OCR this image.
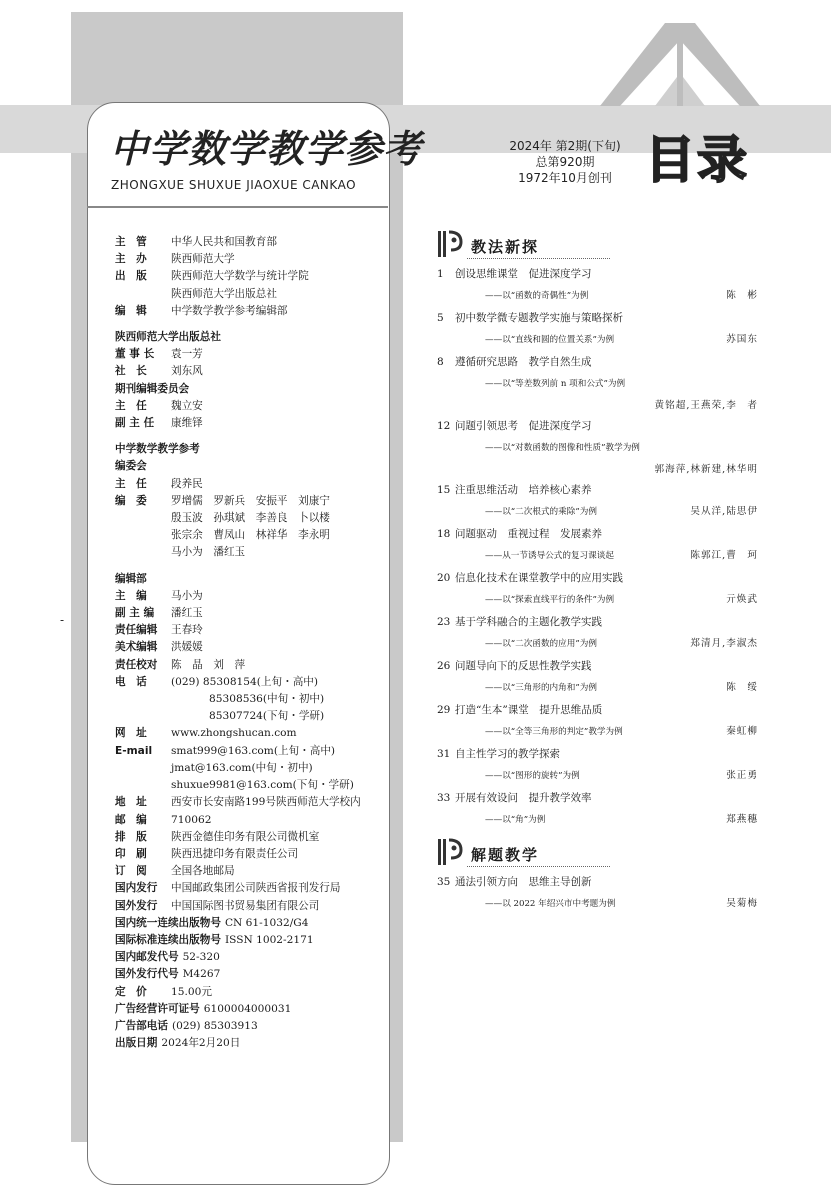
中学数学教学参考
ZHONGXUE SHUXUE JIAOXUE CANKAO
2024年 第2期(下旬)
总第920期
1972年10月创刊 目录
主　管	中华人民共和国教育部
主　办	陕西师范大学
出　版	陕西师范大学数学与统计学院
陕西师范大学出版总社
编　辑	中学数学教学参考编辑部
陕西师范大学出版总社
董 事 长	袁一芳
社　长	刘东风
期刊编辑委员会
主　任	魏立安
副 主 任	康维铎
中学数学教学参考
编委会
主　任	段养民
编　委	罗增儒　罗新兵　安振平　刘康宁
殷玉波　孙琪斌　李善良　卜以楼
张宗余　曹凤山　林祥华　李永明
马小为　潘红玉
编辑部
主　编	马小为
副 主 编	潘红玉
责任编辑	王春玲
美术编辑	洪媛媛
责任校对	陈　晶　刘　萍
电　话	(029) 85308154(上旬・高中)
85308536(中旬・初中)
85307724(下旬・学研)
网　址	www.zhongshucan.com
E-mail	smat999@163.com(上旬・高中)
jmat@163.com(中旬・初中)
shuxue9981@163.com(下旬・学研)
地　址	西安市长安南路199号陕西师范大学校内
邮　编	710062
排　版	陕西金德佳印务有限公司微机室
印　刷	陕西迅捷印务有限责任公司
订　阅	全国各地邮局
国内发行	中国邮政集团公司陕西省报刊发行局
国外发行	中国国际图书贸易集团有限公司
国内统一连续出版物号 CN 61-1032/G4
国际标准连续出版物号 ISSN 1002-2171
国内邮发代号 52-320
国外发行代号 M4267
定　价	15.00元
广告经营许可证号 6100004000031
广告部电话 (029) 85303913
出版日期 2024年2月20日
-
教法新探
1	创设思维课堂　促进深度学习
——以“函数的奇偶性”为例	陈　彬
5	初中数学微专题教学实施与策略探析
——以“直线和圆的位置关系”为例	苏国东
8	遵循研究思路　教学自然生成
——以“等差数列前 n 项和公式”为例
黄铭超,王燕荣,李　者
12 问题引领思考　促进深度学习
——以“对数函数的图像和性质”教学为例
郭海萍,林新建,林华明
15 注重思维活动　培养核心素养
——以“二次根式的乘除”为例	吴从洋,陆思伊
18 问题驱动　重视过程　发展素养
——从一节诱导公式的复习课谈起	陈郭江,曹　珂
20 信息化技术在课堂教学中的应用实践
——以“探索直线平行的条件”为例	亓焕武
23 基于学科融合的主题化教学实践
——以“二次函数的应用”为例	郑清月,李淑杰
26 问题导向下的反思性教学实践
——以“三角形的内角和”为例	陈　绥
29 打造“生本”课堂　提升思维品质
——以“全等三角形的判定”教学为例	秦虹柳
31 自主性学习的教学探索
——以“图形的旋转”为例	张正勇
33 开展有效设问　提升教学效率
——以“角”为例	郑燕穗
解题教学
35 通法引领方向　思维主导创新
——以 2022 年绍兴市中考题为例	吴菊梅
